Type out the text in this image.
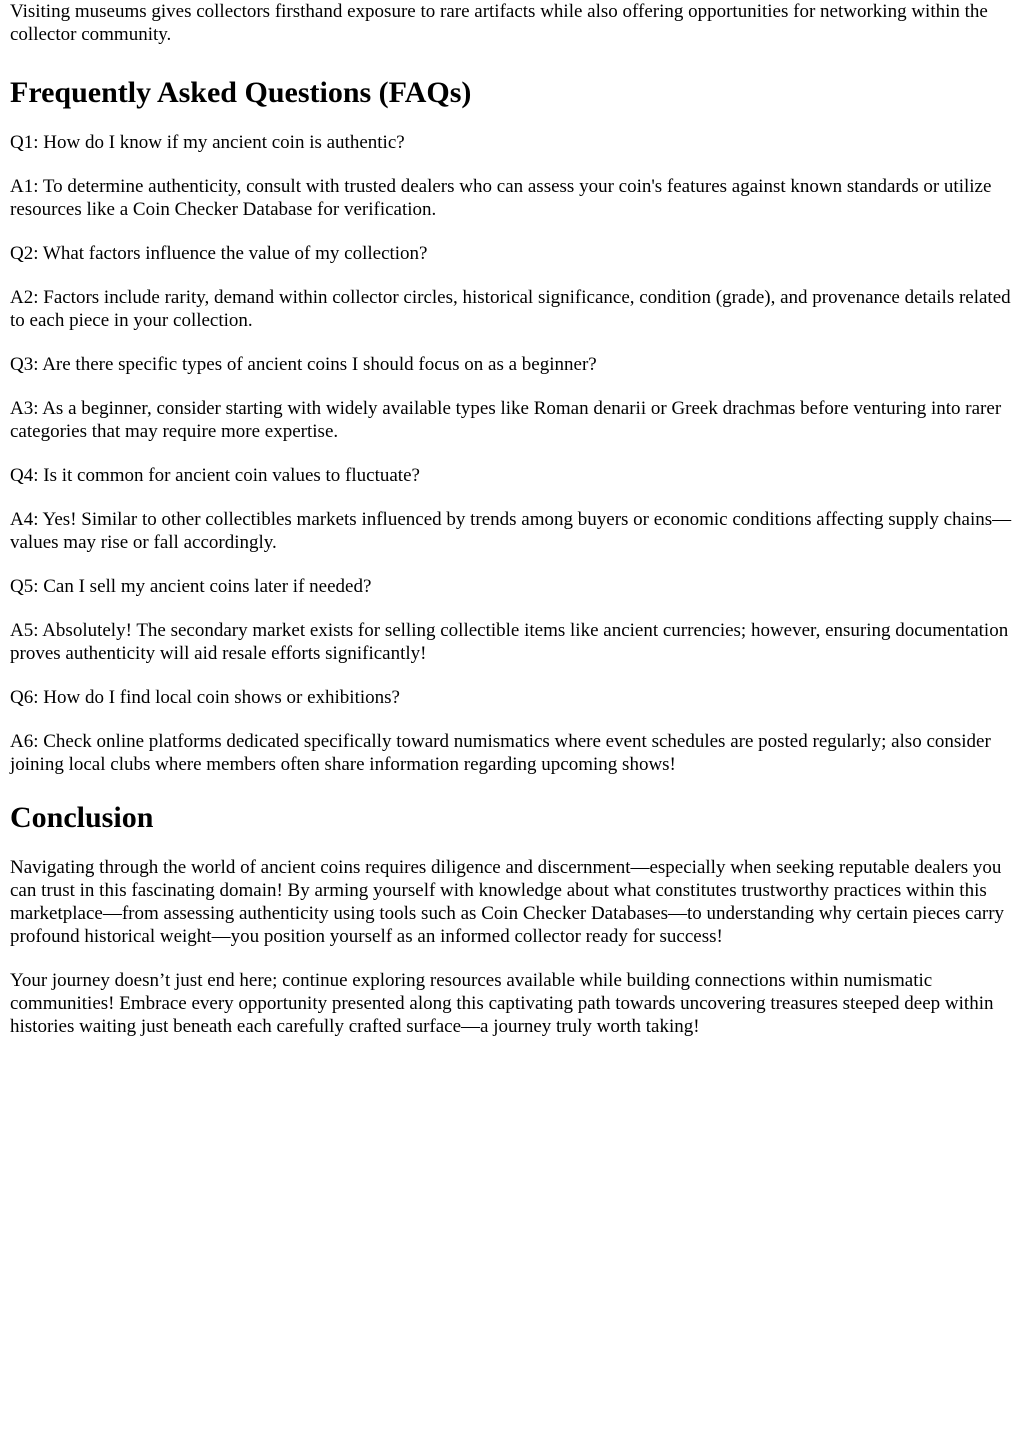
Visiting museums gives collectors firsthand exposure to rare artifacts while also offering opportunities for networking within the collector community.

Frequently Asked Questions (FAQs)

Q1: How do I know if my ancient coin is authentic?

A1: To determine authenticity, consult with trusted dealers who can assess your coin's features against known standards or utilize resources like a Coin Checker Database for verification.

Q2: What factors influence the value of my collection?

A2: Factors include rarity, demand within collector circles, historical significance, condition (grade), and provenance details related to each piece in your collection.

Q3: Are there specific types of ancient coins I should focus on as a beginner?

A3: As a beginner, consider starting with widely available types like Roman denarii or Greek drachmas before venturing into rarer categories that may require more expertise.

Q4: Is it common for ancient coin values to fluctuate?

A4: Yes! Similar to other collectibles markets influenced by trends among buyers or economic conditions affecting supply chains—values may rise or fall accordingly.

Q5: Can I sell my ancient coins later if needed?

A5: Absolutely! The secondary market exists for selling collectible items like ancient currencies; however, ensuring documentation proves authenticity will aid resale efforts significantly!

Q6: How do I find local coin shows or exhibitions?

A6: Check online platforms dedicated specifically toward numismatics where event schedules are posted regularly; also consider joining local clubs where members often share information regarding upcoming shows!

Conclusion

Navigating through the world of ancient coins requires diligence and discernment—especially when seeking reputable dealers you can trust in this fascinating domain! By arming yourself with knowledge about what constitutes trustworthy practices within this marketplace—from assessing authenticity using tools such as Coin Checker Databases—to understanding why certain pieces carry profound historical weight—you position yourself as an informed collector ready for success!

Your journey doesn’t just end here; continue exploring resources available while building connections within numismatic communities! Embrace every opportunity presented along this captivating path towards uncovering treasures steeped deep within histories waiting just beneath each carefully crafted surface—a journey truly worth taking!
